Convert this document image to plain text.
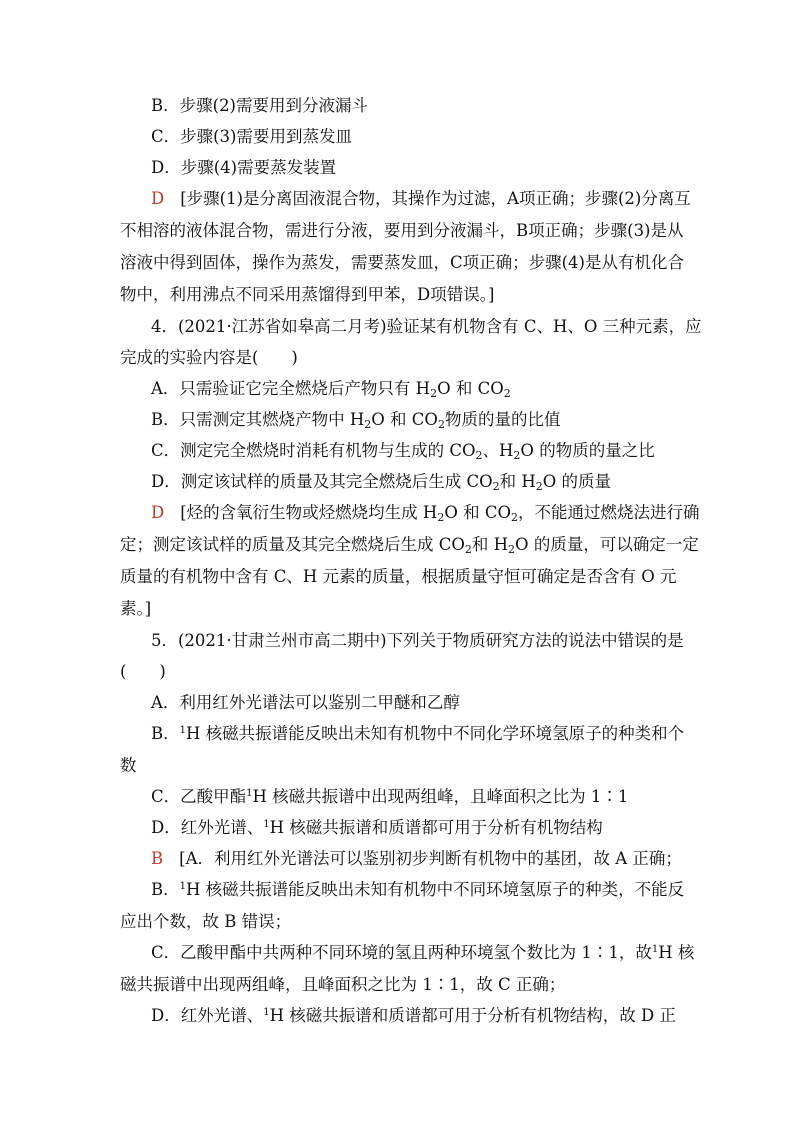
B．步骤(2)需要用到分液漏斗
C．步骤(3)需要用到蒸发皿
D．步骤(4)需要蒸发装置
D [步骤(1)是分离固液混合物，其操作为过滤，A项正确；步骤(2)分离互
不相溶的液体混合物，需进行分液，要用到分液漏斗，B项正确；步骤(3)是从
溶液中得到固体，操作为蒸发，需要蒸发皿，C项正确；步骤(4)是从有机化合
物中，利用沸点不同采用蒸馏得到甲苯，D项错误。]
4．(2021·江苏省如皋高二月考)验证某有机物含有 C、H、O 三种元素，应
完成的实验内容是(　　)
A．只需验证它完全燃烧后产物只有 $H_2O$ 和 $CO_2$
B．只需测定其燃烧产物中 $H_2O$ 和 $CO_2$物质的量的比值
C．测定完全燃烧时消耗有机物与生成的 $CO_2$、$H_2O$ 的物质的量之比
D．测定该试样的质量及其完全燃烧后生成 $CO_2$和 $H_2O$ 的质量
D [烃的含氧衍生物或烃燃烧均生成 $H_2O$ 和 $CO_2$，不能通过燃烧法进行确
定；测定该试样的质量及其完全燃烧后生成 $CO_2$和 $H_2O$ 的质量，可以确定一定
质量的有机物中含有 C、H 元素的质量，根据质量守恒可确定是否含有 O 元
素。]
5．(2021·甘肃兰州市高二期中)下列关于物质研究方法的说法中错误的是
(　　)
A．利用红外光谱法可以鉴别二甲醚和乙醇
B．$^1$H 核磁共振谱能反映出未知有机物中不同化学环境氢原子的种类和个
数
C．乙酸甲酯$^1$H 核磁共振谱中出现两组峰，且峰面积之比为 1∶1
D．红外光谱、$^1$H 核磁共振谱和质谱都可用于分析有机物结构
B [A．利用红外光谱法可以鉴别初步判断有机物中的基团，故 A 正确；
B．$^1$H 核磁共振谱能反映出未知有机物中不同环境氢原子的种类，不能反
应出个数，故 B 错误；
C．乙酸甲酯中共两种不同环境的氢且两种环境氢个数比为 1∶1，故$^1$H 核
磁共振谱中出现两组峰，且峰面积之比为 1∶1，故 C 正确；
D．红外光谱、$^1$H 核磁共振谱和质谱都可用于分析有机物结构，故 D 正
